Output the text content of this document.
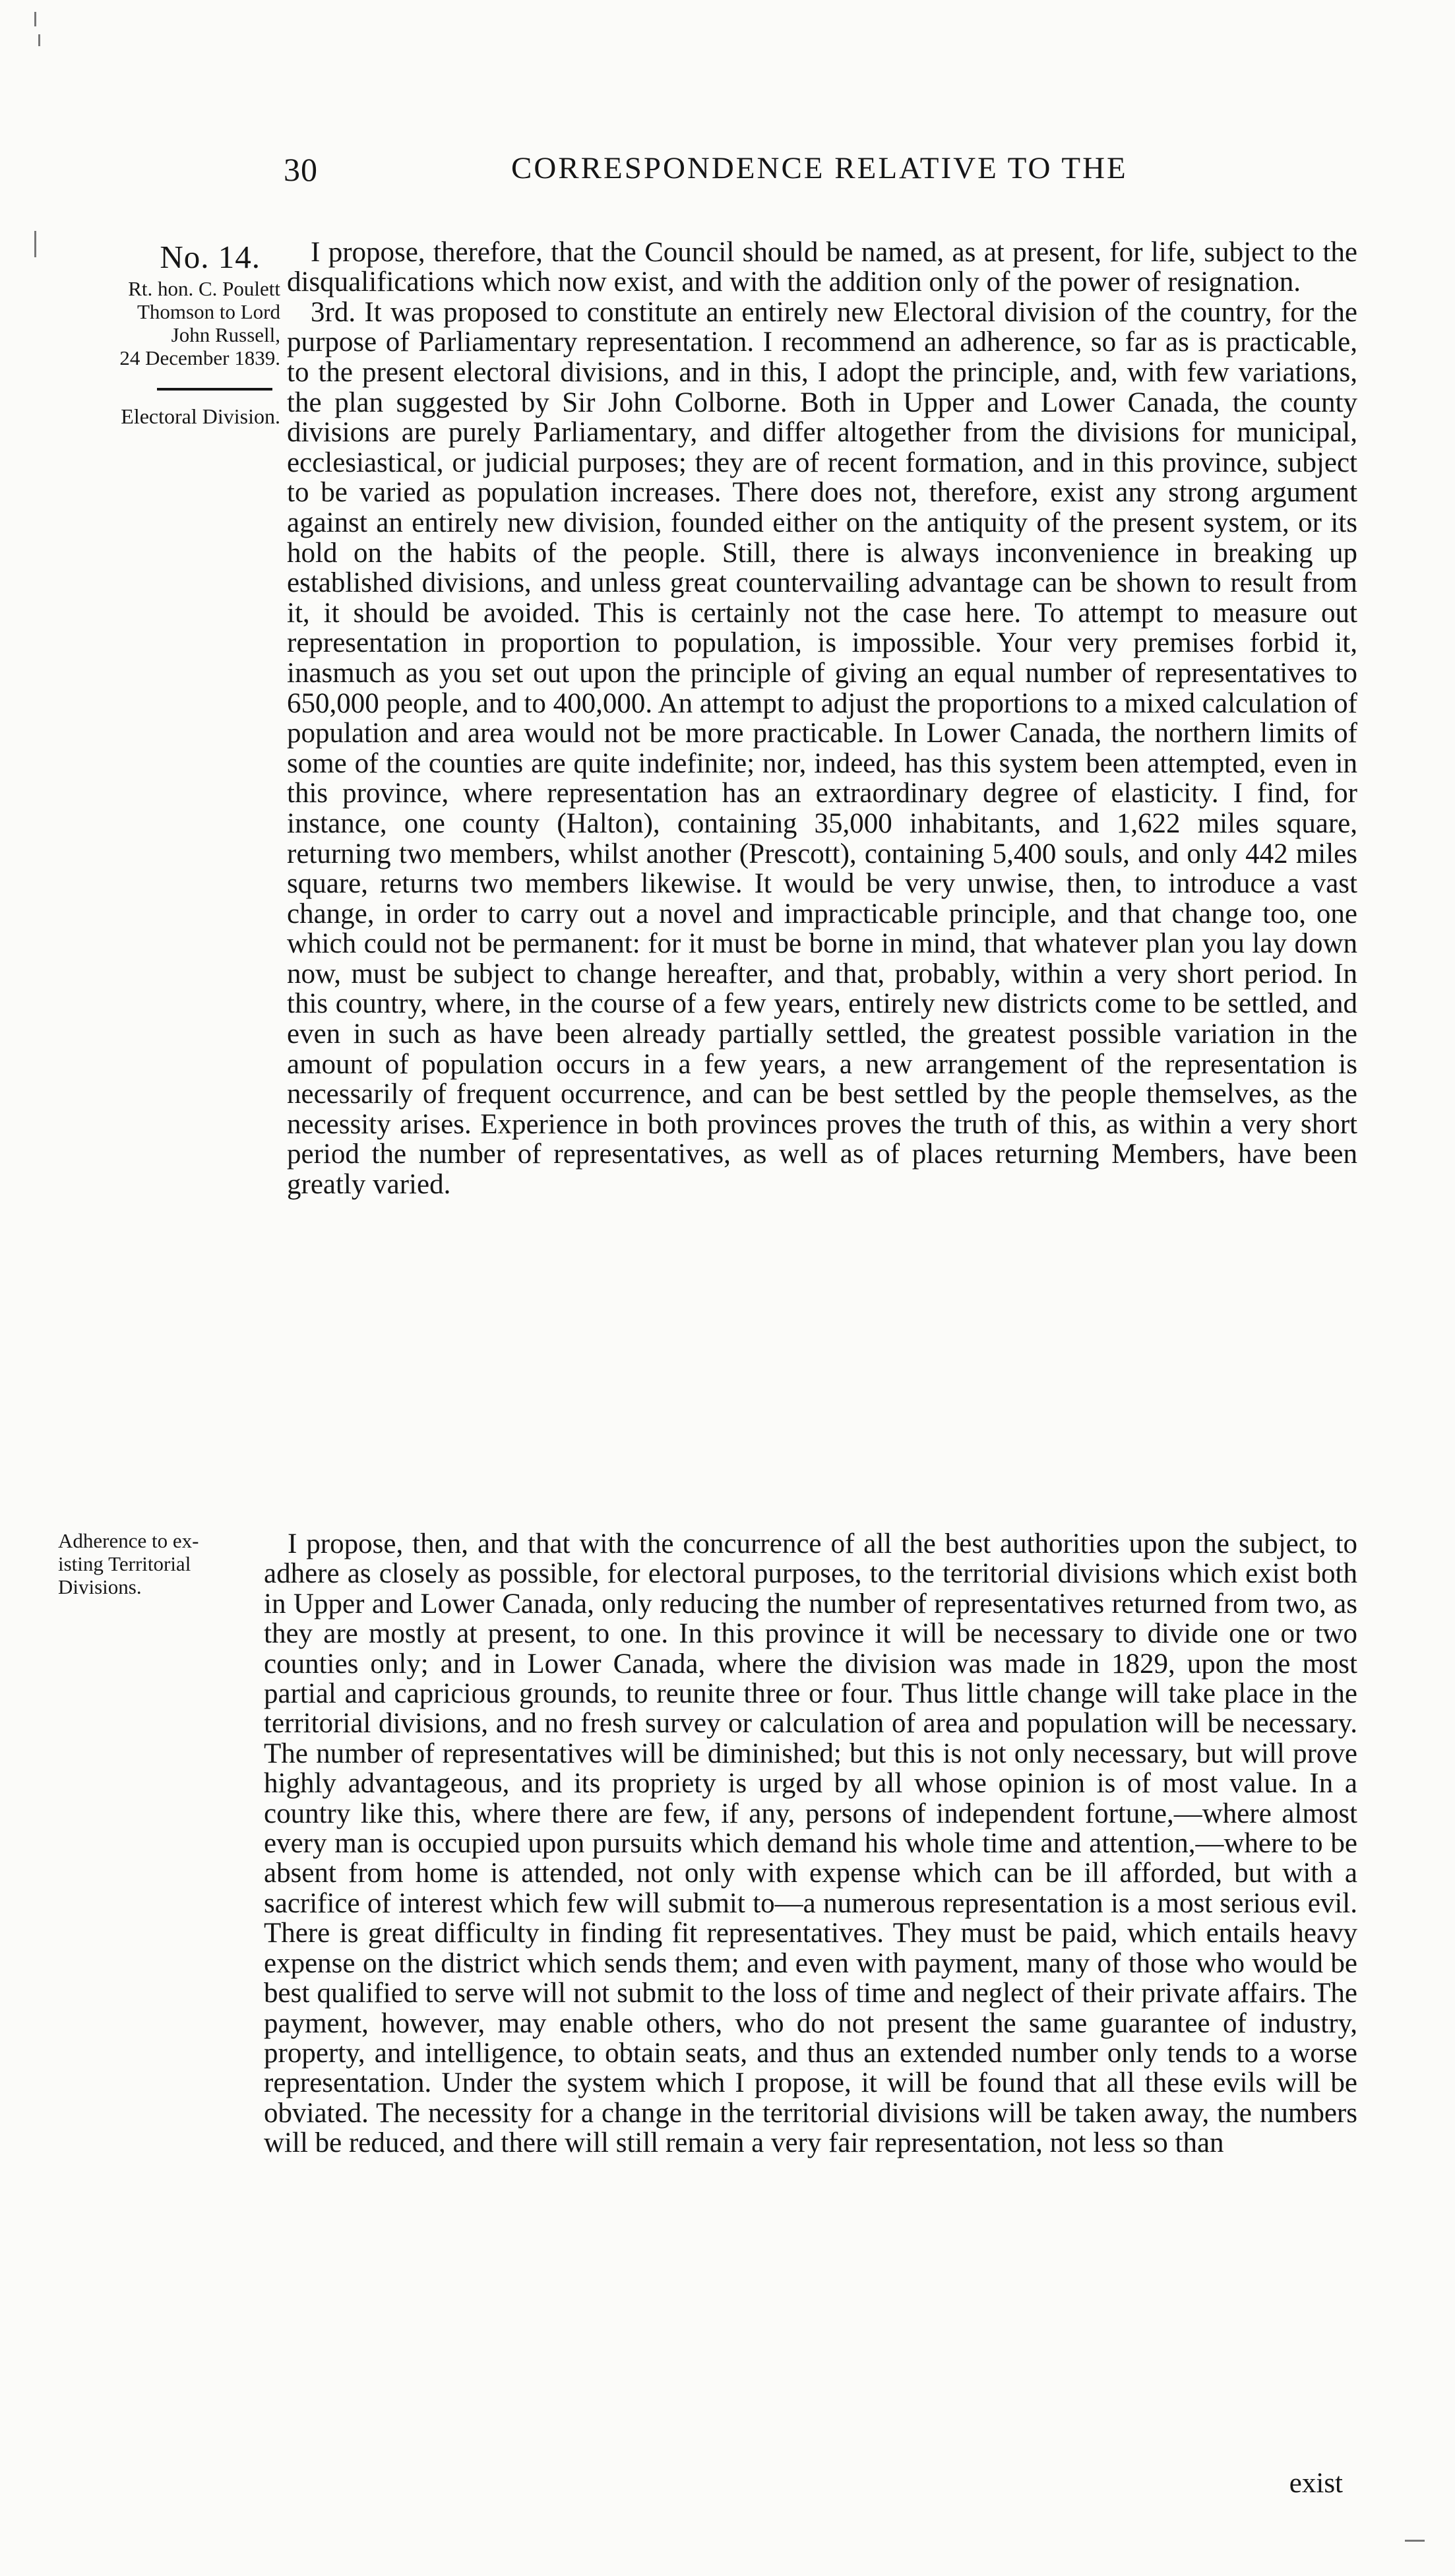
30	CORRESPONDENCE RELATIVE TO THE
No. 14.
Rt. hon. C. Poulett
Thomson to Lord
John Russell,
24 December 1839.
Electoral Division.
Adherence to ex-
isting Territorial
Divisions.

I propose, therefore, that the Council should be named, as at present, for life, subject to the disqualifications which now exist, and with the addition only of the power of resignation.

3rd. It was proposed to constitute an entirely new Electoral division of the country, for the purpose of Parliamentary representation. I recommend an adherence, so far as is practicable, to the present electoral divisions, and in this, I adopt the principle, and, with few variations, the plan suggested by Sir John Colborne. Both in Upper and Lower Canada, the county divisions are purely Parliamentary, and differ altogether from the divisions for municipal, ecclesiastical, or judicial purposes; they are of recent formation, and in this province, subject to be varied as population increases. There does not, therefore, exist any strong argument against an entirely new division, founded either on the antiquity of the present system, or its hold on the habits of the people. Still, there is always inconvenience in breaking up established divisions, and unless great countervailing advantage can be shown to result from it, it should be avoided. This is certainly not the case here. To attempt to measure out representation in proportion to population, is impossible. Your very premises forbid it, inasmuch as you set out upon the principle of giving an equal number of representatives to 650,000 people, and to 400,000. An attempt to adjust the proportions to a mixed calculation of population and area would not be more practicable. In Lower Canada, the northern limits of some of the counties are quite indefinite; nor, indeed, has this system been attempted, even in this province, where representation has an extraordinary degree of elasticity. I find, for instance, one county (Halton), containing 35,000 inhabitants, and 1,622 miles square, returning two members, whilst another (Prescott), containing 5,400 souls, and only 442 miles square, returns two members likewise. It would be very unwise, then, to introduce a vast change, in order to carry out a novel and impracticable principle, and that change too, one which could not be permanent: for it must be borne in mind, that whatever plan you lay down now, must be subject to change hereafter, and that, probably, within a very short period. In this country, where, in the course of a few years, entirely new districts come to be settled, and even in such as have been already partially settled, the greatest possible variation in the amount of population occurs in a few years, a new arrangement of the representation is necessarily of frequent occurrence, and can be best settled by the people themselves, as the necessity arises. Experience in both provinces proves the truth of this, as within a very short period the number of representatives, as well as of places returning Members, have been greatly varied.

I propose, then, and that with the concurrence of all the best authorities upon the subject, to adhere as closely as possible, for electoral purposes, to the territorial divisions which exist both in Upper and Lower Canada, only reducing the number of representatives returned from two, as they are mostly at present, to one. In this province it will be necessary to divide one or two counties only; and in Lower Canada, where the division was made in 1829, upon the most partial and capricious grounds, to reunite three or four. Thus little change will take place in the territorial divisions, and no fresh survey or calculation of area and population will be necessary. The number of representatives will be diminished; but this is not only necessary, but will prove highly advantageous, and its propriety is urged by all whose opinion is of most value. In a country like this, where there are few, if any, persons of independent fortune,—where almost every man is occupied upon pursuits which demand his whole time and attention,—where to be absent from home is attended, not only with expense which can be ill afforded, but with a sacrifice of interest which few will submit to—a numerous representation is a most serious evil. There is great difficulty in finding fit representatives. They must be paid, which entails heavy expense on the district which sends them; and even with payment, many of those who would be best qualified to serve will not submit to the loss of time and neglect of their private affairs. The payment, however, may enable others, who do not present the same guarantee of industry, property, and intelligence, to obtain seats, and thus an extended number only tends to a worse representation. Under the system which I propose, it will be found that all these evils will be obviated. The necessity for a change in the territorial divisions will be taken away, the numbers will be reduced, and there will still remain a very fair representation, not less so than

exist
